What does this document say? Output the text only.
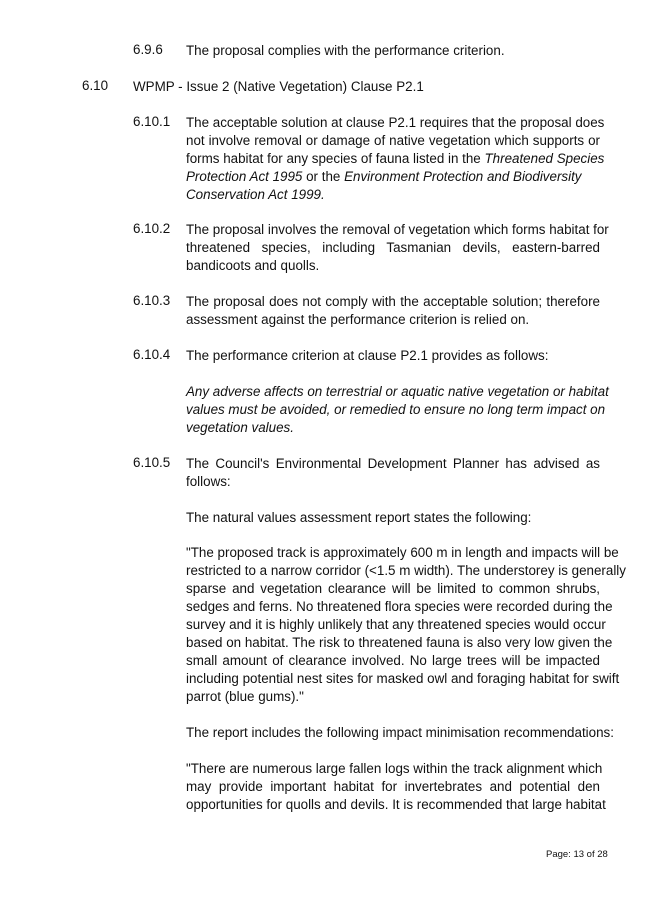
6.9.6 The proposal complies with the performance criterion.
6.10 WPMP - Issue 2 (Native Vegetation) Clause P2.1
6.10.1 The acceptable solution at clause P2.1 requires that the proposal does
not involve removal or damage of native vegetation which supports or
forms habitat for any species of fauna listed in the Threatened Species
Protection Act 1995 or the Environment Protection and Biodiversity
Conservation Act 1999.
6.10.2 The proposal involves the removal of vegetation which forms habitat for
threatened species, including Tasmanian devils, eastern-barred
bandicoots and quolls.
6.10.3 The proposal does not comply with the acceptable solution; therefore
assessment against the performance criterion is relied on.
6.10.4 The performance criterion at clause P2.1 provides as follows:
Any adverse affects on terrestrial or aquatic native vegetation or habitat
values must be avoided, or remedied to ensure no long term impact on
vegetation values.
6.10.5 The Council's Environmental Development Planner has advised as
follows:
The natural values assessment report states the following:
"The proposed track is approximately 600 m in length and impacts will be
restricted to a narrow corridor (<1.5 m width). The understorey is generally
sparse and vegetation clearance will be limited to common shrubs,
sedges and ferns. No threatened flora species were recorded during the
survey and it is highly unlikely that any threatened species would occur
based on habitat. The risk to threatened fauna is also very low given the
small amount of clearance involved. No large trees will be impacted
including potential nest sites for masked owl and foraging habitat for swift
parrot (blue gums)."
The report includes the following impact minimisation recommendations:
"There are numerous large fallen logs within the track alignment which
may provide important habitat for invertebrates and potential den
opportunities for quolls and devils. It is recommended that large habitat
Page: 13 of 28
